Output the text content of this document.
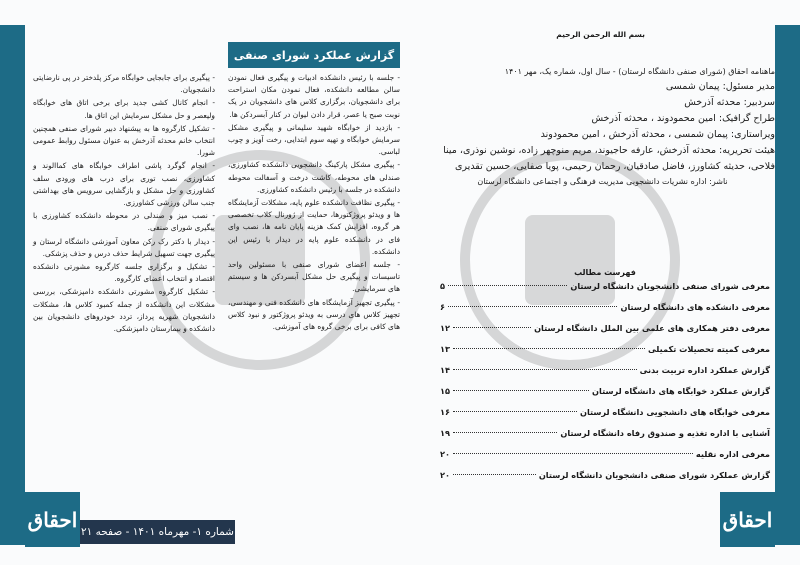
احقاق
شماره ۱- مهرماه ۱۴۰۱ - صفحه ۲۱
گزارش عملکرد شورای صنفی

- جلسه با رئیس دانشکده ادبیات و پیگیری فعال نمودن سالن مطالعه دانشکده، فعال نمودن مکان استراحت برای دانشجویان، برگزاری کلاس های دانشجویان در یک نوبت صبح یا عصر، قرار دادن لیوان در کنار آبسردکن ها.

- بازدید از خوابگاه شهید سلیمانی و پیگیری مشکل سرمایش خوابگاه و تهیه سوم ابتدایی، رخت آویز و چوب لباسی.

- پیگیری مشکل پارکینگ دانشجویی دانشکده کشاورزی، صندلی های محوطه، کاشت درخت و آسفالت محوطه دانشکده در جلسه با رئیس دانشکده کشاورزی.

- پیگیری نظافت دانشکده علوم پایه، مشکلات آزمایشگاه ها و ویدئو پروژکتورها، حمایت از ژورنال کلاب تخصصی هر گروه، افزایش کمک هزینه پایان نامه ها، نصب وای فای در دانشکده علوم پایه در دیدار با رئیس این دانشکده.

- جلسه اعضای شورای صنفی با مسئولین واحد تاسیسات و پیگیری حل مشکل آبسردکن ها و سیستم های سرمایشی.

- پیگیری تجهیز آزمایشگاه های دانشکده فنی و مهندسی، تجهیز کلاس های درسی به ویدئو پروژکتور و نبود کلاس های کافی برای برخی گروه های آموزشی.

- پیگیری برای جابجایی خوابگاه مرکز پلدختر در پی نارضایتی دانشجویان.

- انجام کانال کشی جدید برای برخی اتاق های خوابگاه ولیعصر و حل مشکل سرمایش این اتاق ها.

- تشکیل کارگروه ها به پیشنهاد دبیر شورای صنفی همچنین انتخاب خانم محدثه آذرخش به عنوان مسئول روابط عمومی شورا.

- انجام گوگرد پاشی اطراف خوابگاه های کماالوند و کشاورزی، نصب توری برای درب های ورودی سلف کشاورزی و حل مشکل و بازگشایی سرویس های بهداشتی جنب سالن ورزشی کشاورزی.

- نصب میز و صندلی در محوطه دانشکده کشاورزی با پیگیری شورای صنفی.

- دیدار با دکتر رک رکن معاون آموزشی دانشگاه لرستان و پیگیری جهت تسهیل شرایط حذف درس و حذف پزشکی.

- تشکیل و برگزاری جلسه کارگروه مشورتی دانشکده اقتصاد و انتخاب اعضای کارگروه.

- تشکیل کارگروه مشورتی دانشکده دامپزشکی، بررسی مشکلات این دانشکده از جمله کمبود کلاس ها، مشکلات دانشجویان شهریه پرداز، تردد خودروهای دانشجویان بین دانشکده و بیمارستان دامپزشکی.

بسم الله الرحمن الرحیم
ماهنامه احقاق (شورای صنفی دانشگاه لرستان) - سال اول، شماره یک، مهر ۱۴۰۱
مدیر مسئول: پیمان شمسی
سردبیر: محدثه آذرخش
طراح گرافیک: امین محمودوند ، محدثه آذرخش
ویراستاری: پیمان شمسی ، محدثه آذرخش ، امین محمودوند
هیئت تحریریه: محدثه آذرخش، عارفه حاجیوند، مریم منوچهر زاده، نوشین نوذری، مینا فلاحی، حدیثه کشاورز، فاضل صادقیان، رحمان رحیمی، پویا صفایی، حسین تقدیری
ناشر: اداره نشریات دانشجویی مدیریت فرهنگی و اجتماعی دانشگاه لرستان
فهرست مطالب
معرفی شورای صنفی دانشجویان دانشگاه لرستان
۵
معرفی دانشکده های دانشگاه لرستان
۶
معرفی دفتر همکاری های علمی بین الملل دانشگاه لرستان
۱۲
معرفی کمیته تحصیلات تکمیلی
۱۳
گزارش عملکرد اداره تربیت بدنی
۱۴
گزارش عملکرد خوابگاه های دانشگاه لرستان
۱۵
معرفی خوابگاه های دانشجویی دانشگاه لرستان
۱۶
آشنایی با اداره تغذیه و صندوق رفاه دانشگاه لرستان
۱۹
معرفی اداره نقلیه
۲۰
گزارش عملکرد شورای صنفی دانشجویان دانشگاه لرستان
۲۰
احقاق
